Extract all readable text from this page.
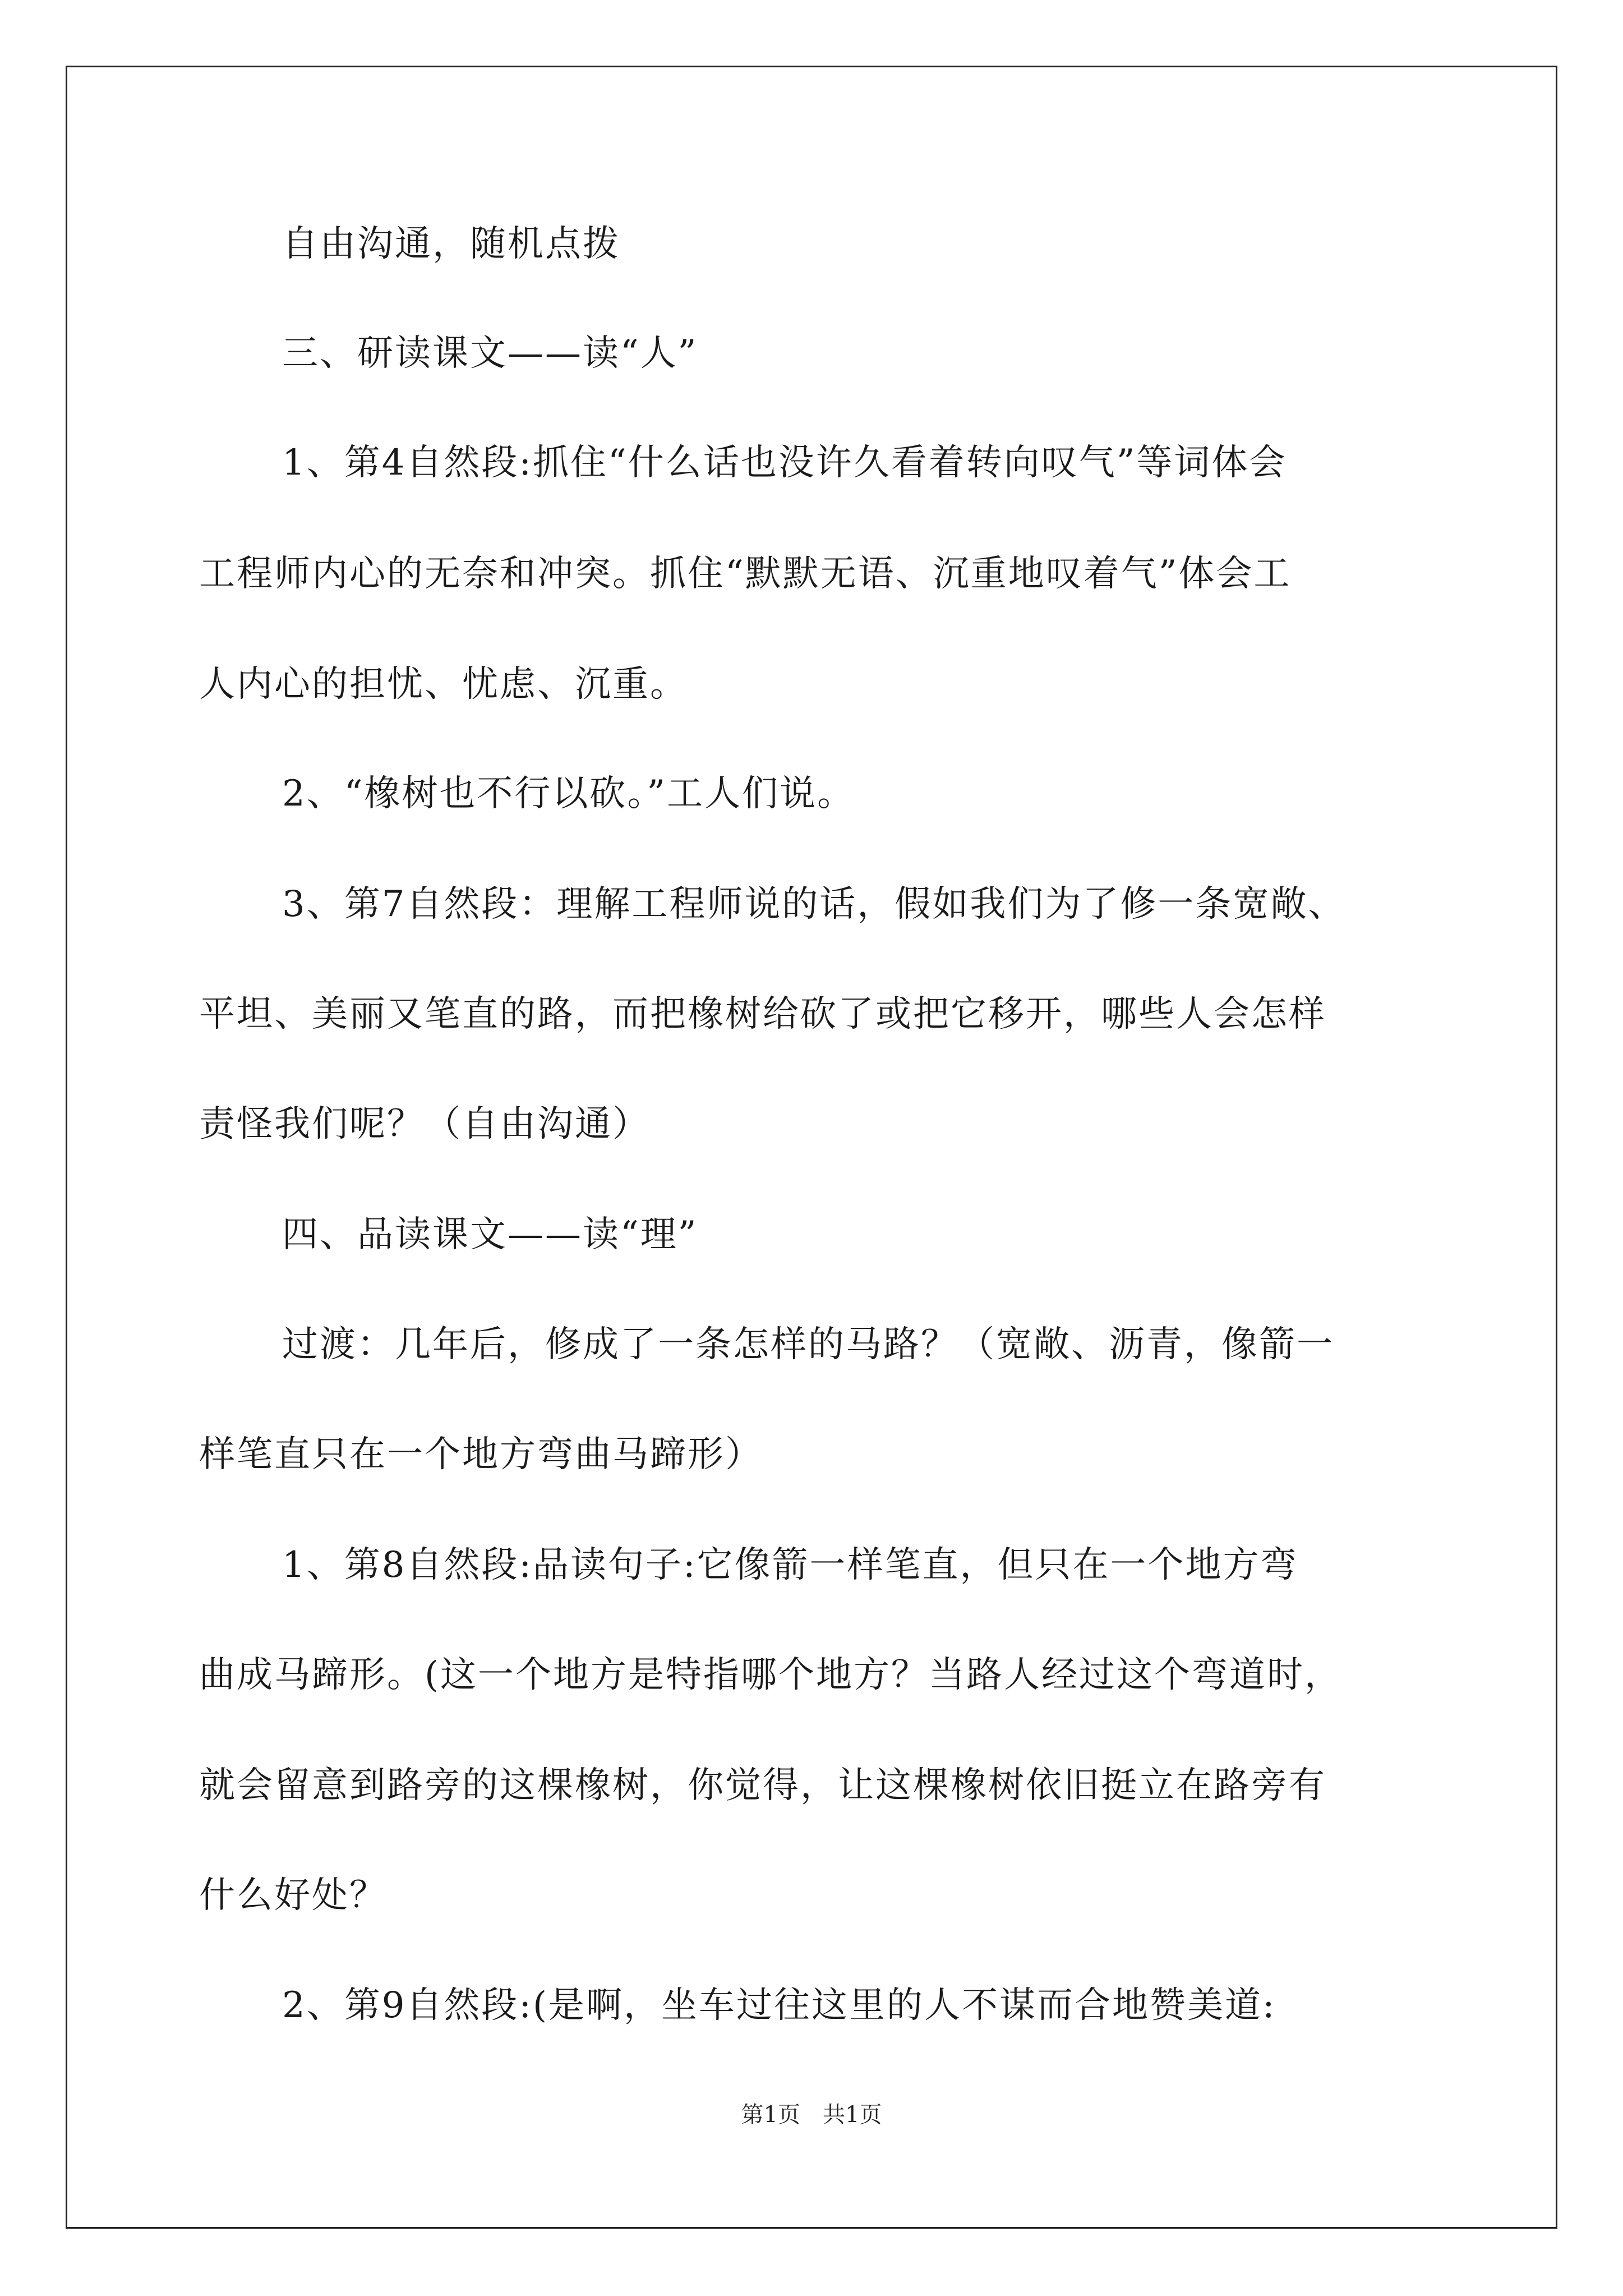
自由沟通，随机点拨
三、研读课文——读“人”
1、第4自然段:抓住“什么话也没许久看着转向叹气”等词体会
工程师内心的无奈和冲突。抓住“默默无语、沉重地叹着气”体会工
人内心的担忧、忧虑、沉重。
2、“橡树也不行以砍。”工人们说。
3、第7自然段：理解工程师说的话，假如我们为了修一条宽敞、
平坦、美丽又笔直的路，而把橡树给砍了或把它移开，哪些人会怎样
责怪我们呢？（自由沟通）
四、品读课文——读“理”
过渡：几年后，修成了一条怎样的马路？（宽敞、沥青，像箭一
样笔直只在一个地方弯曲马蹄形）
1、第8自然段:品读句子:它像箭一样笔直，但只在一个地方弯
曲成马蹄形。(这一个地方是特指哪个地方？当路人经过这个弯道时，
就会留意到路旁的这棵橡树，你觉得，让这棵橡树依旧挺立在路旁有
什么好处？
2、第9自然段:(是啊，坐车过往这里的人不谋而合地赞美道:
第1页　共1页
